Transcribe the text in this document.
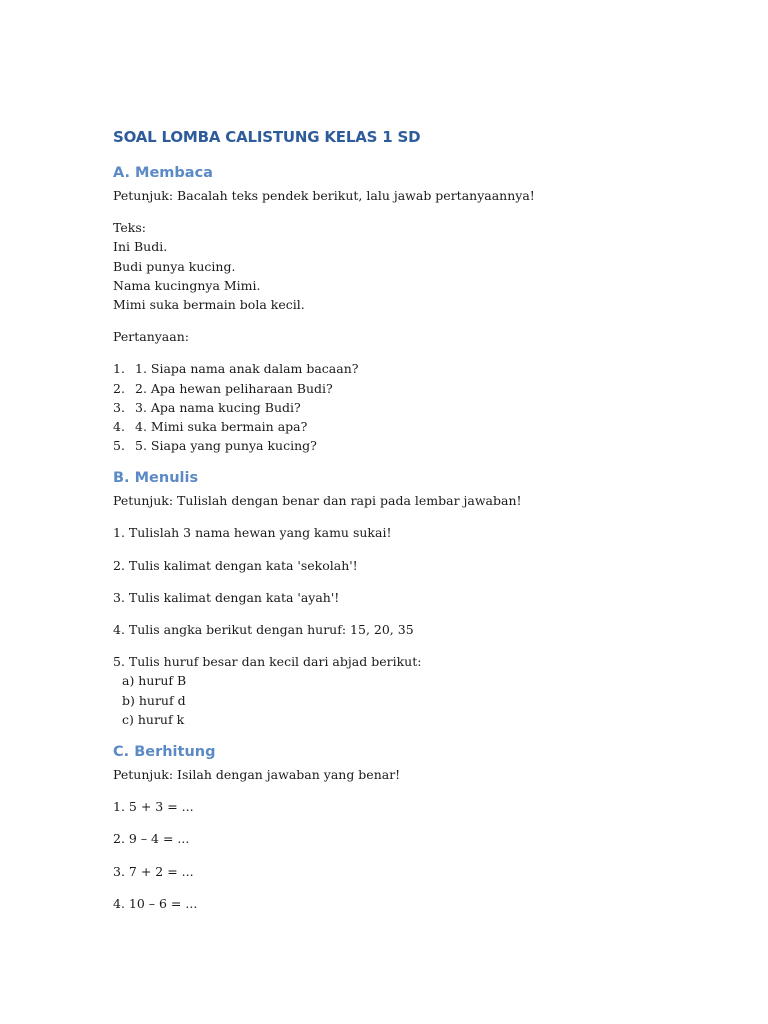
SOAL LOMBA CALISTUNG KELAS 1 SD
A. Membaca

Petunjuk: Bacalah teks pendek berikut, lalu jawab pertanyaannya!

Teks:

Ini Budi.

Budi punya kucing.

Nama kucingnya Mimi.

Mimi suka bermain bola kecil.

Pertanyaan:

1. 1. Siapa nama anak dalam bacaan?
2. 2. Apa hewan peliharaan Budi?
3. 3. Apa nama kucing Budi?
4. 4. Mimi suka bermain apa?
5. 5. Siapa yang punya kucing?
B. Menulis

Petunjuk: Tulislah dengan benar dan rapi pada lembar jawaban!

1. Tulislah 3 nama hewan yang kamu sukai!

2. Tulis kalimat dengan kata 'sekolah'!

3. Tulis kalimat dengan kata 'ayah'!

4. Tulis angka berikut dengan huruf: 15, 20, 35

5. Tulis huruf besar dan kecil dari abjad berikut:

a) huruf B

b) huruf d

c) huruf k

C. Berhitung

Petunjuk: Isilah dengan jawaban yang benar!

1. 5 + 3 = ...

2. 9 – 4 = ...

3. 7 + 2 = ...

4. 10 – 6 = ...
